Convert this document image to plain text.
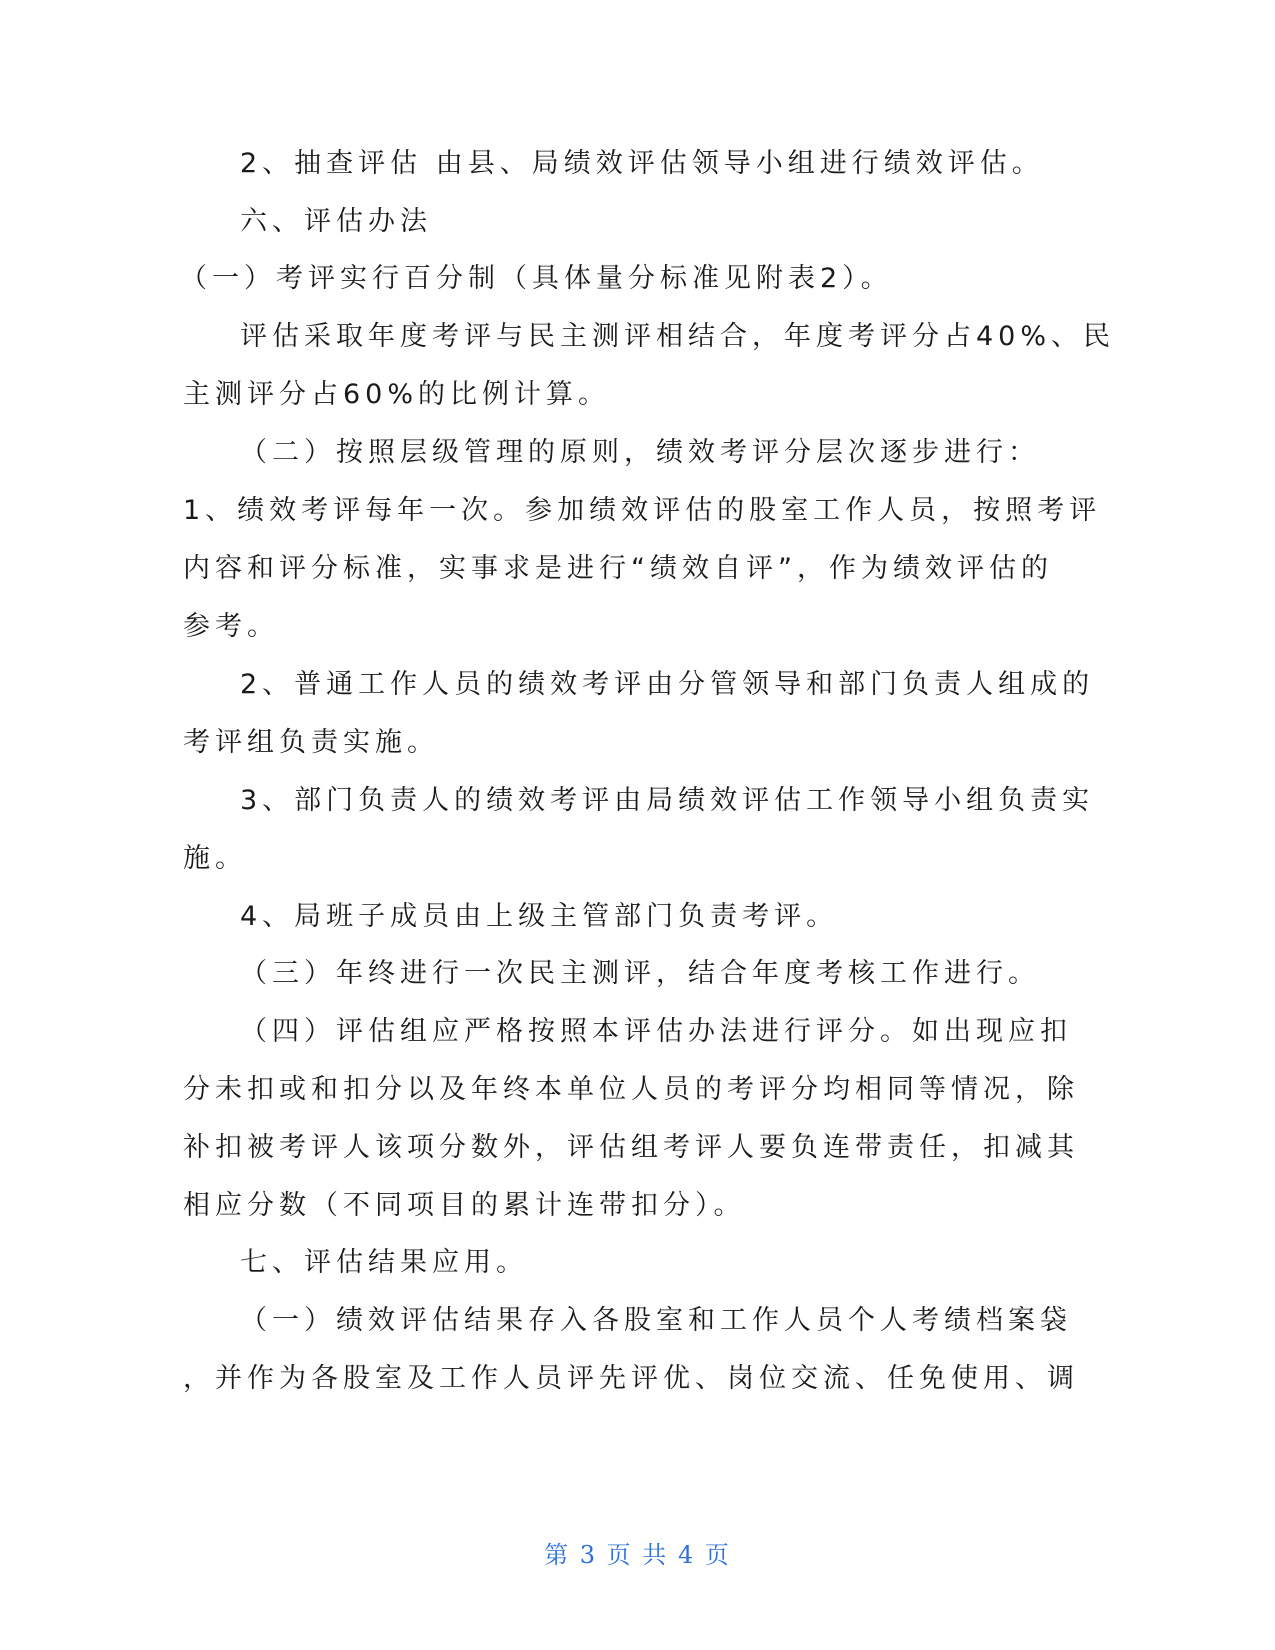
2、抽查评估 由县、局绩效评估领导小组进行绩效评估。
六、评估办法
（一）考评实行百分制（具体量分标准见附表2）。
评估采取年度考评与民主测评相结合，年度考评分占40%、民
主测评分占60%的比例计算。
（二）按照层级管理的原则，绩效考评分层次逐步进行：
1、绩效考评每年一次。参加绩效评估的股室工作人员，按照考评
内容和评分标准，实事求是进行“绩效自评”，作为绩效评估的
参考。
2、普通工作人员的绩效考评由分管领导和部门负责人组成的
考评组负责实施。
3、部门负责人的绩效考评由局绩效评估工作领导小组负责实
施。
4、局班子成员由上级主管部门负责考评。
（三）年终进行一次民主测评，结合年度考核工作进行。
（四）评估组应严格按照本评估办法进行评分。如出现应扣
分未扣或和扣分以及年终本单位人员的考评分均相同等情况，除
补扣被考评人该项分数外，评估组考评人要负连带责任，扣减其
相应分数（不同项目的累计连带扣分）。
七、评估结果应用。
（一）绩效评估结果存入各股室和工作人员个人考绩档案袋
，并作为各股室及工作人员评先评优、岗位交流、任免使用、调
第 3 页 共 4 页
